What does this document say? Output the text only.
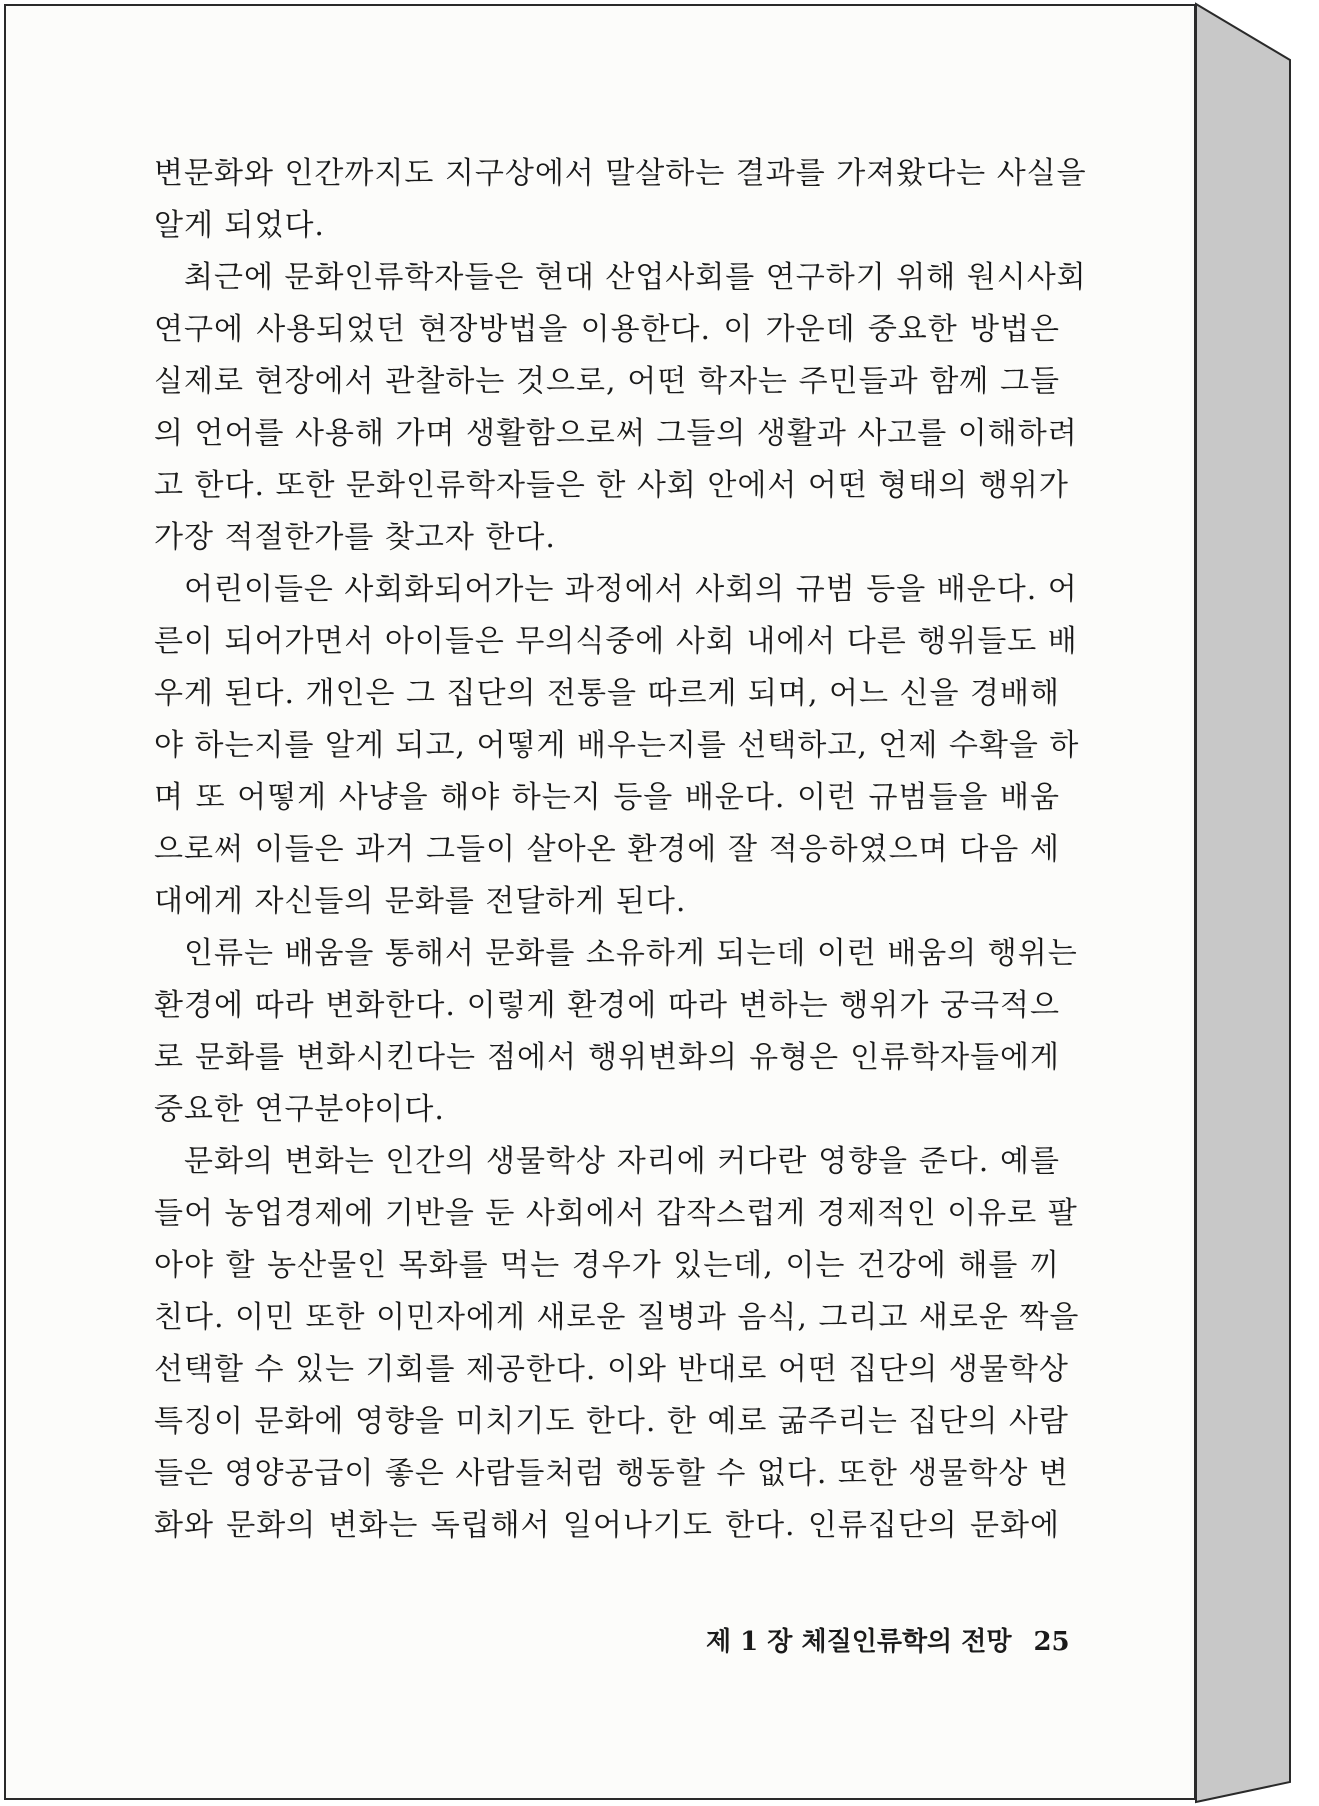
변문화와 인간까지도 지구상에서 말살하는 결과를 가져왔다는 사실을
알게 되었다.
최근에 문화인류학자들은 현대 산업사회를 연구하기 위해 원시사회
연구에 사용되었던 현장방법을 이용한다. 이 가운데 중요한 방법은
실제로 현장에서 관찰하는 것으로, 어떤 학자는 주민들과 함께 그들
의 언어를 사용해 가며 생활함으로써 그들의 생활과 사고를 이해하려
고 한다. 또한 문화인류학자들은 한 사회 안에서 어떤 형태의 행위가
가장 적절한가를 찾고자 한다.
어린이들은 사회화되어가는 과정에서 사회의 규범 등을 배운다. 어
른이 되어가면서 아이들은 무의식중에 사회 내에서 다른 행위들도 배
우게 된다. 개인은 그 집단의 전통을 따르게 되며, 어느 신을 경배해
야 하는지를 알게 되고, 어떻게 배우는지를 선택하고, 언제 수확을 하
며 또 어떻게 사냥을 해야 하는지 등을 배운다. 이런 규범들을 배움
으로써 이들은 과거 그들이 살아온 환경에 잘 적응하였으며 다음 세
대에게 자신들의 문화를 전달하게 된다.
인류는 배움을 통해서 문화를 소유하게 되는데 이런 배움의 행위는
환경에 따라 변화한다. 이렇게 환경에 따라 변하는 행위가 궁극적으
로 문화를 변화시킨다는 점에서 행위변화의 유형은 인류학자들에게
중요한 연구분야이다.
문화의 변화는 인간의 생물학상 자리에 커다란 영향을 준다. 예를
들어 농업경제에 기반을 둔 사회에서 갑작스럽게 경제적인 이유로 팔
아야 할 농산물인 목화를 먹는 경우가 있는데, 이는 건강에 해를 끼
친다. 이민 또한 이민자에게 새로운 질병과 음식, 그리고 새로운 짝을
선택할 수 있는 기회를 제공한다. 이와 반대로 어떤 집단의 생물학상
특징이 문화에 영향을 미치기도 한다. 한 예로 굶주리는 집단의 사람
들은 영양공급이 좋은 사람들처럼 행동할 수 없다. 또한 생물학상 변
화와 문화의 변화는 독립해서 일어나기도 한다. 인류집단의 문화에
제 1 장 체질인류학의 전망 25
